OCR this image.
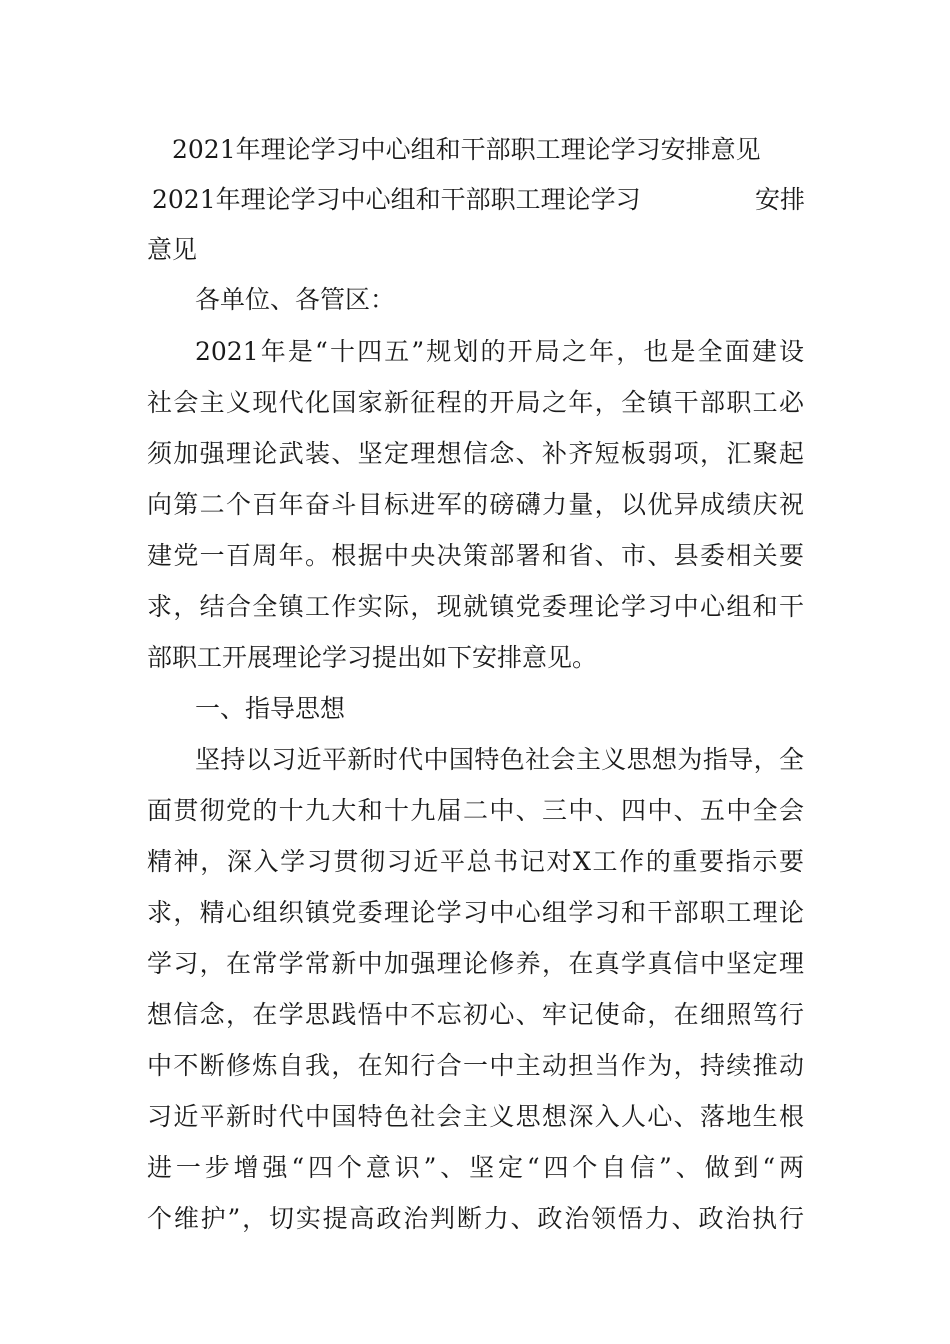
2021年理论学习中心组和干部职工理论学习安排意见
2021年理论学习中心组和干部职工理论学习	安排
意见
各单位、各管区：
2021年是“十四五”规划的开局之年，也是全面建设
社会主义现代化国家新征程的开局之年，全镇干部职工必
须加强理论武装、坚定理想信念、补齐短板弱项，汇聚起
向第二个百年奋斗目标进军的磅礴力量，以优异成绩庆祝
建党一百周年。根据中央决策部署和省、市、县委相关要
求，结合全镇工作实际，现就镇党委理论学习中心组和干
部职工开展理论学习提出如下安排意见。
一、指导思想
坚持以习近平新时代中国特色社会主义思想为指导，全
面贯彻党的十九大和十九届二中、三中、四中、五中全会
精神，深入学习贯彻习近平总书记对X工作的重要指示要
求，精心组织镇党委理论学习中心组学习和干部职工理论
学习，在常学常新中加强理论修养，在真学真信中坚定理
想信念，在学思践悟中不忘初心、牢记使命，在细照笃行
中不断修炼自我，在知行合一中主动担当作为，持续推动
习近平新时代中国特色社会主义思想深入人心、落地生根
进一步增强“四个意识”、坚定“四个自信”、做到“两
个维护”，切实提高政治判断力、政治领悟力、政治执行
